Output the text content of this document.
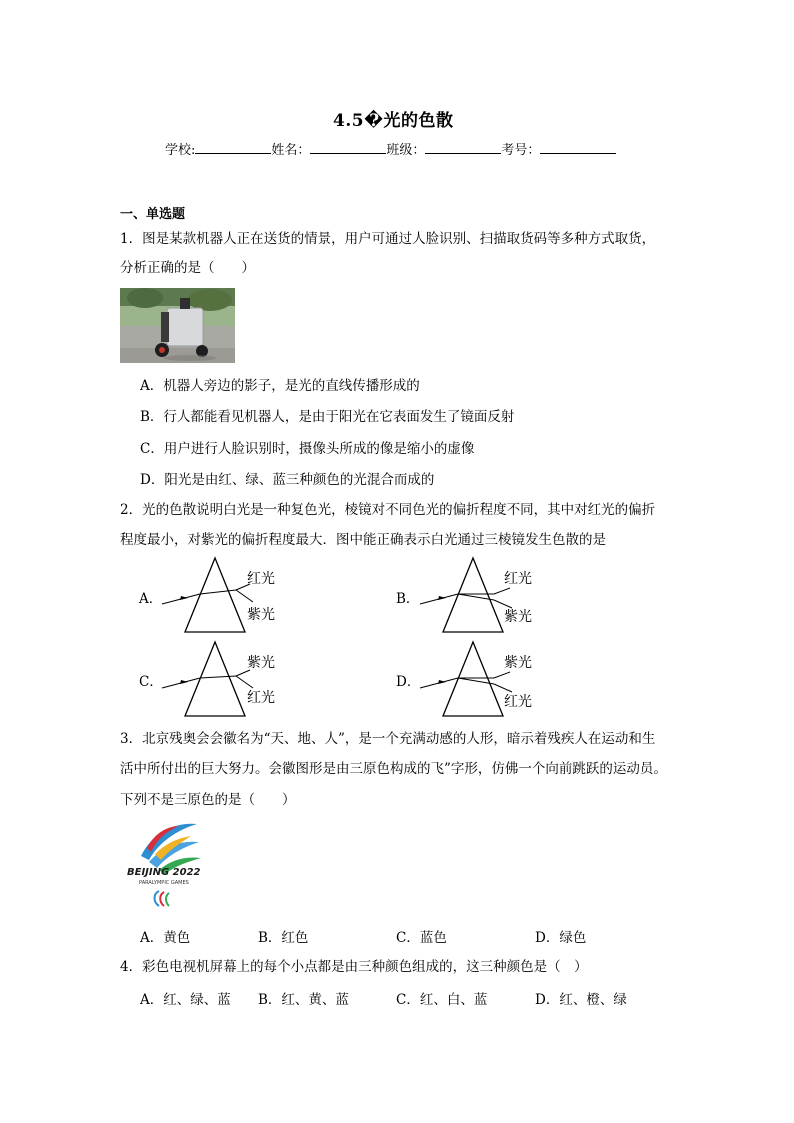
4.5�光的色散
学校:	姓名：	班级：	考号：
一、单选题
1．图是某款机器人正在送货的情景，用户可通过人脸识别、扫描取货码等多种方式取货，
分析正确的是（　　）
A．机器人旁边的影子，是光的直线传播形成的
B．行人都能看见机器人，是由于阳光在它表面发生了镜面反射
C．用户进行人脸识别时，摄像头所成的像是缩小的虚像
D．阳光是由红、绿、蓝三种颜色的光混合而成的
2．光的色散说明白光是一种复色光，棱镜对不同色光的偏折程度不同，其中对红光的偏折
程度最小，对紫光的偏折程度最大．图中能正确表示白光通过三棱镜发生色散的是
A．
红光
紫光
B．
红光
紫光
C．
紫光
红光
D．
紫光
红光
3．北京残奥会会徽名为“天、地、人”，是一个充满动感的人形，暗示着残疾人在运动和生
活中所付出的巨大努力。会徽图形是由三原色构成的飞”字形，仿佛一个向前跳跃的运动员。
下列不是三原色的是（　　）
BEIJING 2022
PARALYMPIC GAMES
A．黄色	B．红色	C．蓝色	D．绿色
4．彩色电视机屏幕上的每个小点都是由三种颜色组成的，这三种颜色是（　）
A．红、绿、蓝 B．红、黄、蓝	C．红、白、蓝	D．红、橙、绿
